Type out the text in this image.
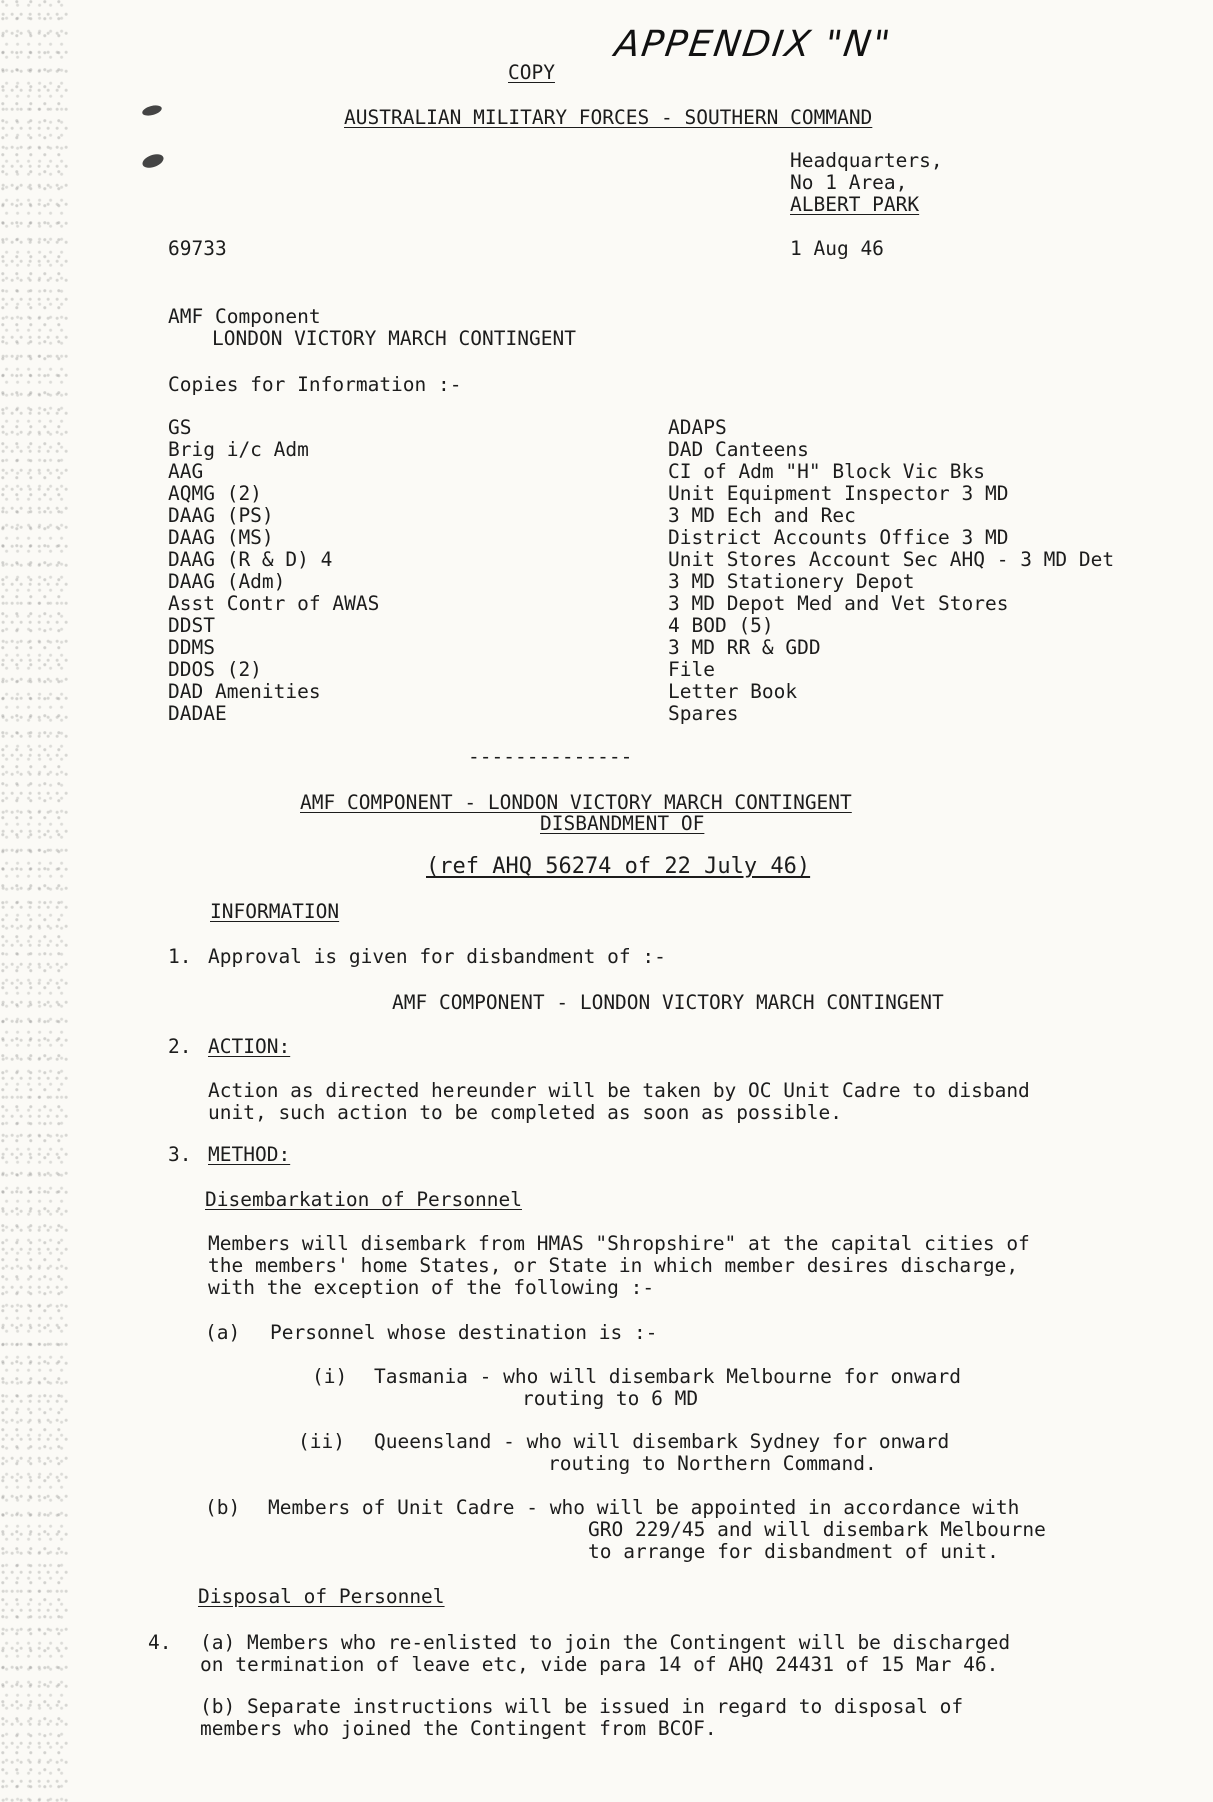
COPY
APPENDIX "N"
AUSTRALIAN MILITARY FORCES - SOUTHERN COMMAND
Headquarters,
No 1 Area,
ALBERT PARK
69733	1 Aug 46
AMF Component
LONDON VICTORY MARCH CONTINGENT
Copies for Information :-
GS
Brig i/c Adm
AAG
AQMG (2)
DAAG (PS)
DAAG (MS)
DAAG (R & D) 4
DAAG (Adm)
Asst Contr of AWAS
DDST
DDMS
DDOS (2)
DAD Amenities
DADAE
ADAPS
DAD Canteens
CI of Adm "H" Block Vic Bks
Unit Equipment Inspector 3 MD
3 MD Ech and Rec
District Accounts Office 3 MD
Unit Stores Account Sec AHQ - 3 MD Det
3 MD Stationery Depot
3 MD Depot Med and Vet Stores
4 BOD (5)
3 MD RR & GDD
File
Letter Book
Spares
--------------
AMF COMPONENT - LONDON VICTORY MARCH CONTINGENT
DISBANDMENT OF
(ref AHQ 56274 of 22 July 46)
INFORMATION
1. Approval is given for disbandment of :-
AMF COMPONENT - LONDON VICTORY MARCH CONTINGENT
2. ACTION:
Action as directed hereunder will be taken by OC Unit Cadre to disband
unit, such action to be completed as soon as possible.
3. METHOD:
Disembarkation of Personnel
Members will disembark from HMAS "Shropshire" at the capital cities of
the members' home States, or State in which member desires discharge,
with the exception of the following :-
(a) Personnel whose destination is :-
(i) Tasmania - who will disembark Melbourne for onward
routing to 6 MD
(ii) Queensland - who will disembark Sydney for onward
routing to Northern Command.
(b) Members of Unit Cadre - who will be appointed in accordance with
GRO 229/45 and will disembark Melbourne
to arrange for disbandment of unit.
Disposal of Personnel
4. (a) Members who re-enlisted to join the Contingent will be discharged
on termination of leave etc, vide para 14 of AHQ 24431 of 15 Mar 46.
(b) Separate instructions will be issued in regard to disposal of
members who joined the Contingent from BCOF.
